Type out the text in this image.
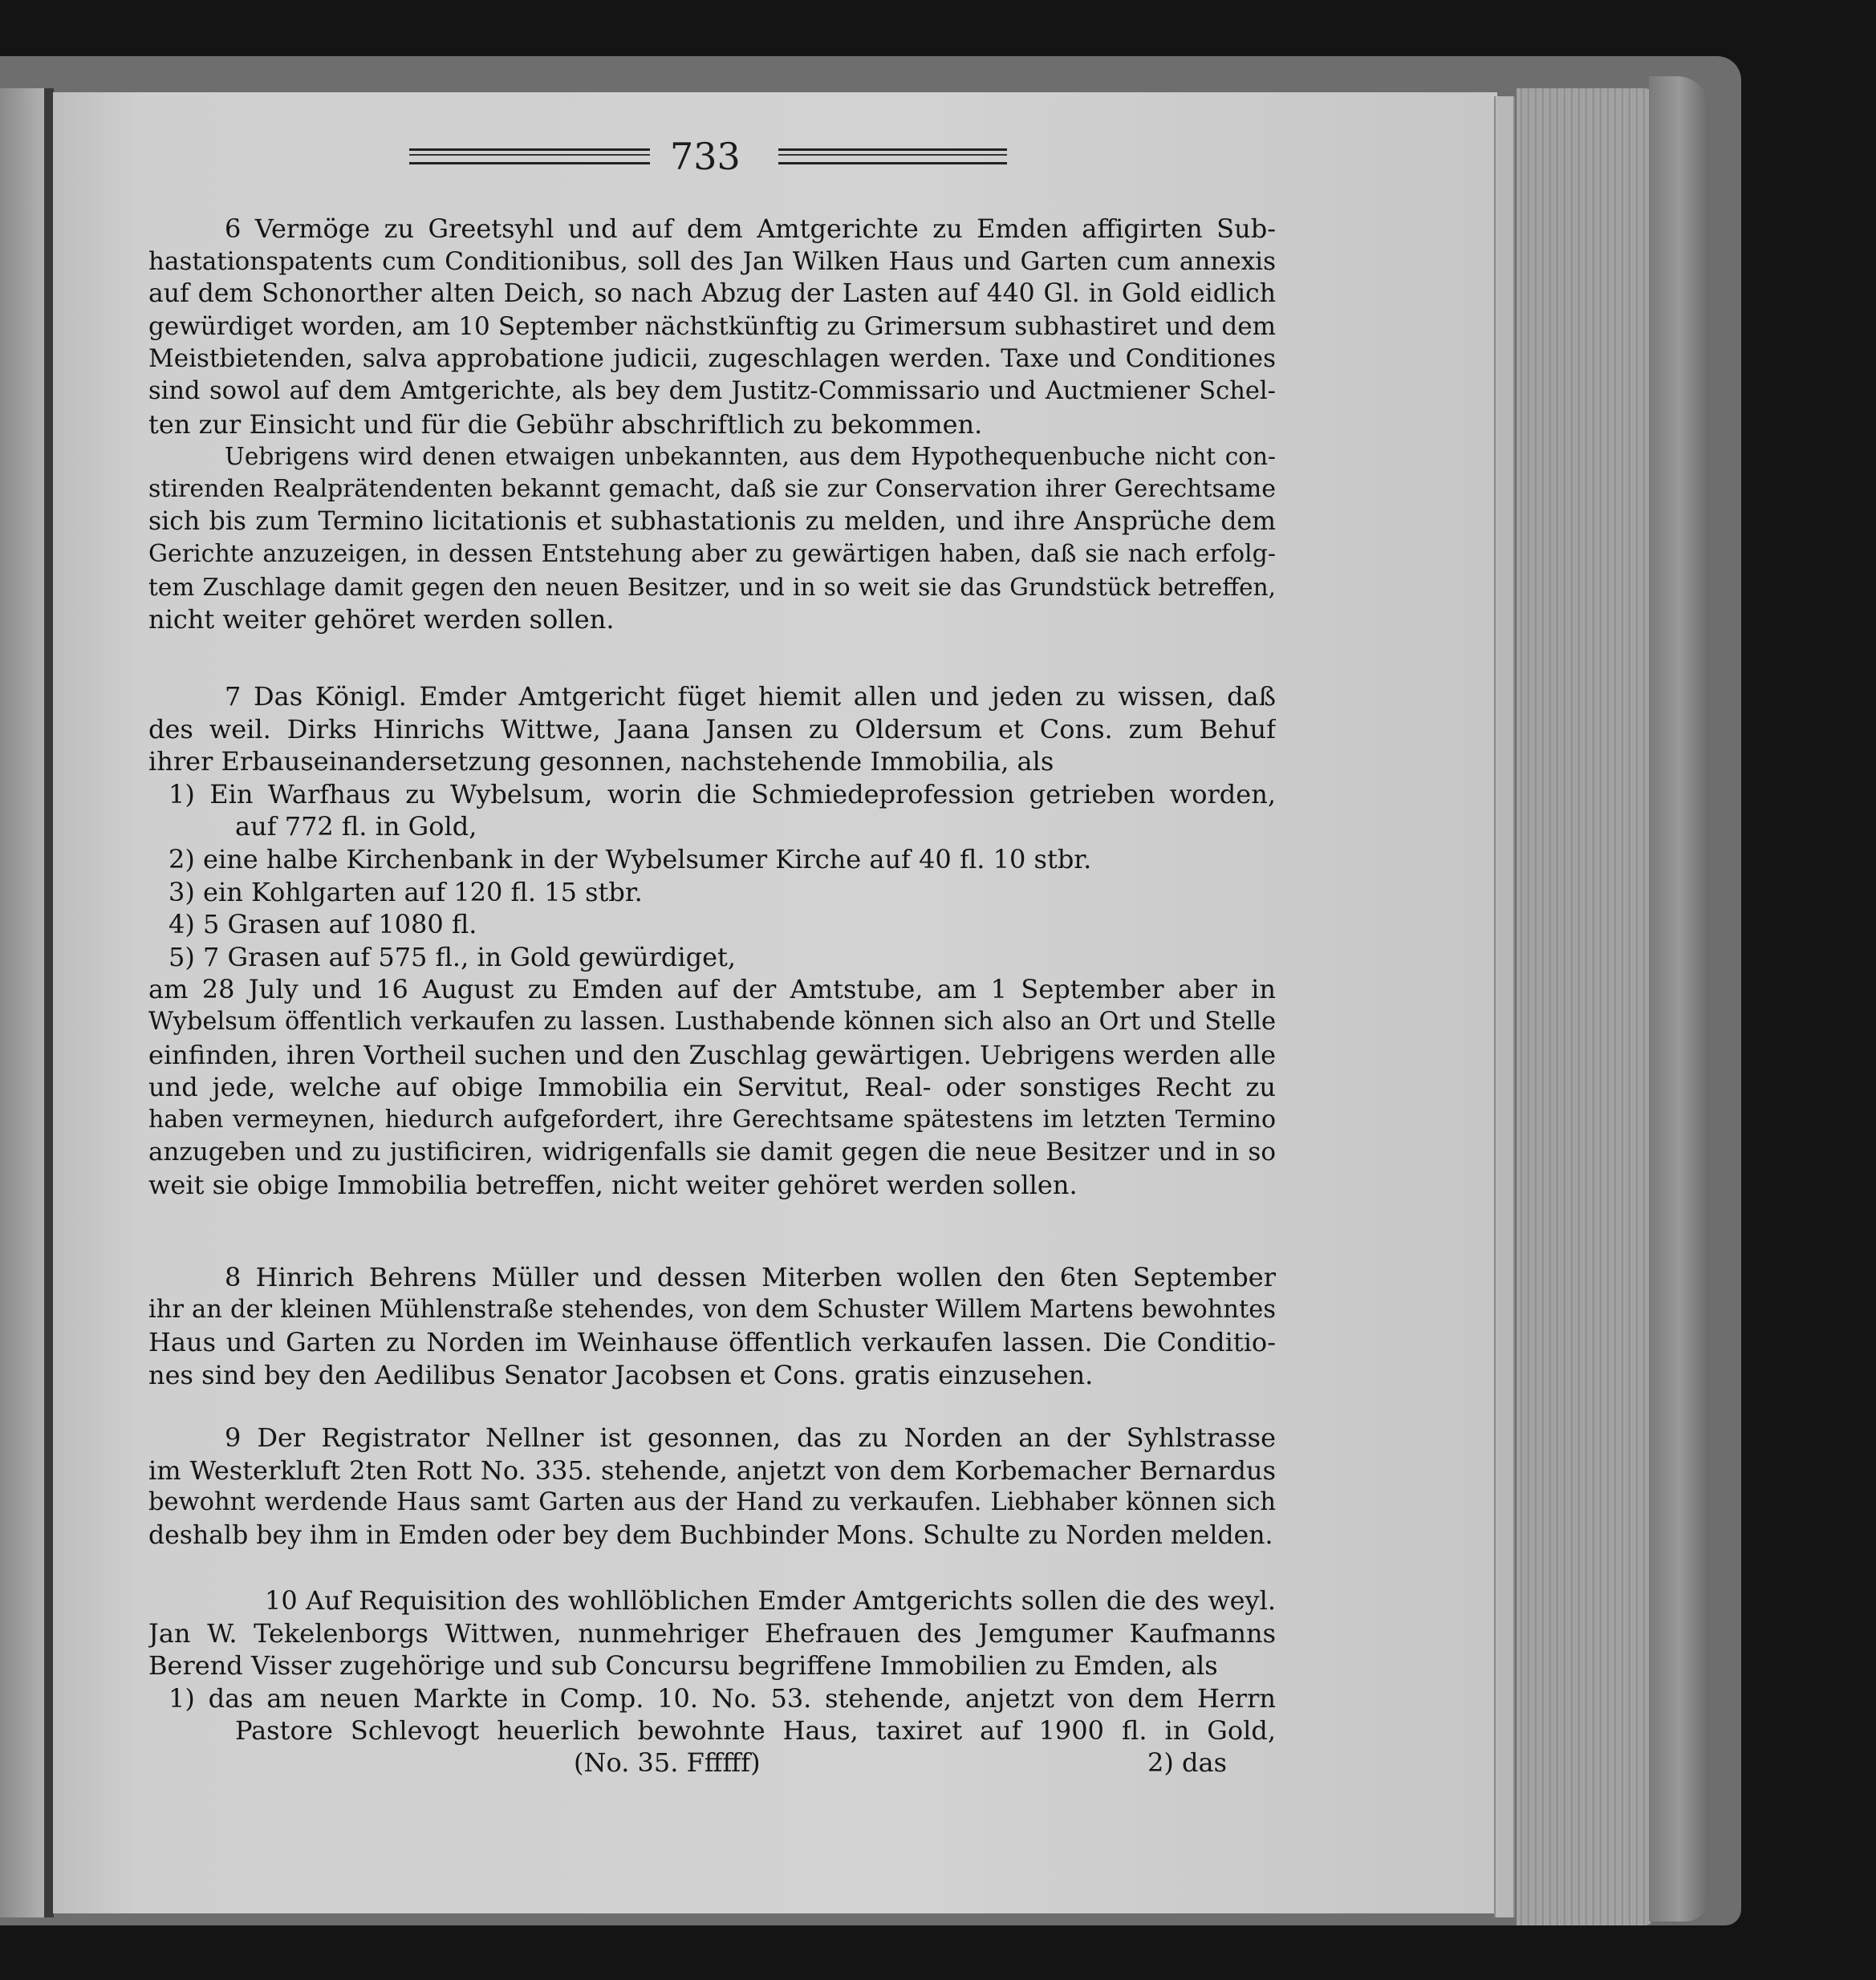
733
6 Vermöge zu Greetsyhl und auf dem Amtgerichte zu Emden affigirten Sub-
hastationspatents cum Conditionibus, soll des Jan Wilken Haus und Garten cum annexis
auf dem Schonorther alten Deich, so nach Abzug der Lasten auf 440 Gl. in Gold eidlich
gewürdiget worden, am 10 September nächstkünftig zu Grimersum subhastiret und dem
Meistbietenden, salva approbatione judicii, zugeschlagen werden. Taxe und Conditiones
sind sowol auf dem Amtgerichte, als bey dem Justitz-Commissario und Auctmiener Schel-
ten zur Einsicht und für die Gebühr abschriftlich zu bekommen.
Uebrigens wird denen etwaigen unbekannten, aus dem Hypothequenbuche nicht con-
stirenden Realprätendenten bekannt gemacht, daß sie zur Conservation ihrer Gerechtsame
sich bis zum Termino licitationis et subhastationis zu melden, und ihre Ansprüche dem
Gerichte anzuzeigen, in dessen Entstehung aber zu gewärtigen haben, daß sie nach erfolg-
tem Zuschlage damit gegen den neuen Besitzer, und in so weit sie das Grundstück betreffen,
nicht weiter gehöret werden sollen.
7 Das Königl. Emder Amtgericht füget hiemit allen und jeden zu wissen, daß
des weil. Dirks Hinrichs Wittwe, Jaana Jansen zu Oldersum et Cons. zum Behuf
ihrer Erbauseinandersetzung gesonnen, nachstehende Immobilia, als
1) Ein Warfhaus zu Wybelsum, worin die Schmiedeprofession getrieben worden,
auf 772 fl. in Gold,
2) eine halbe Kirchenbank in der Wybelsumer Kirche auf 40 fl. 10 stbr.
3) ein Kohlgarten auf 120 fl. 15 stbr.
4) 5 Grasen auf 1080 fl.
5) 7 Grasen auf 575 fl., in Gold gewürdiget,
am 28 July und 16 August zu Emden auf der Amtstube, am 1 September aber in
Wybelsum öffentlich verkaufen zu lassen. Lusthabende können sich also an Ort und Stelle
einfinden, ihren Vortheil suchen und den Zuschlag gewärtigen. Uebrigens werden alle
und jede, welche auf obige Immobilia ein Servitut, Real- oder sonstiges Recht zu
haben vermeynen, hiedurch aufgefordert, ihre Gerechtsame spätestens im letzten Termino
anzugeben und zu justificiren, widrigenfalls sie damit gegen die neue Besitzer und in so
weit sie obige Immobilia betreffen, nicht weiter gehöret werden sollen.
8 Hinrich Behrens Müller und dessen Miterben wollen den 6ten September
ihr an der kleinen Mühlenstraße stehendes, von dem Schuster Willem Martens bewohntes
Haus und Garten zu Norden im Weinhause öffentlich verkaufen lassen. Die Conditio-
nes sind bey den Aedilibus Senator Jacobsen et Cons. gratis einzusehen.
9 Der Registrator Nellner ist gesonnen, das zu Norden an der Syhlstrasse
im Westerkluft 2ten Rott No. 335. stehende, anjetzt von dem Korbemacher Bernardus
bewohnt werdende Haus samt Garten aus der Hand zu verkaufen. Liebhaber können sich
deshalb bey ihm in Emden oder bey dem Buchbinder Mons. Schulte zu Norden melden.
10 Auf Requisition des wohllöblichen Emder Amtgerichts sollen die des weyl.
Jan W. Tekelenborgs Wittwen, nunmehriger Ehefrauen des Jemgumer Kaufmanns
Berend Visser zugehörige und sub Concursu begriffene Immobilien zu Emden, als
1) das am neuen Markte in Comp. 10. No. 53. stehende, anjetzt von dem Herrn
Pastore Schlevogt heuerlich bewohnte Haus, taxiret auf 1900 fl. in Gold,
(No. 35. Ffffff)	2) das
